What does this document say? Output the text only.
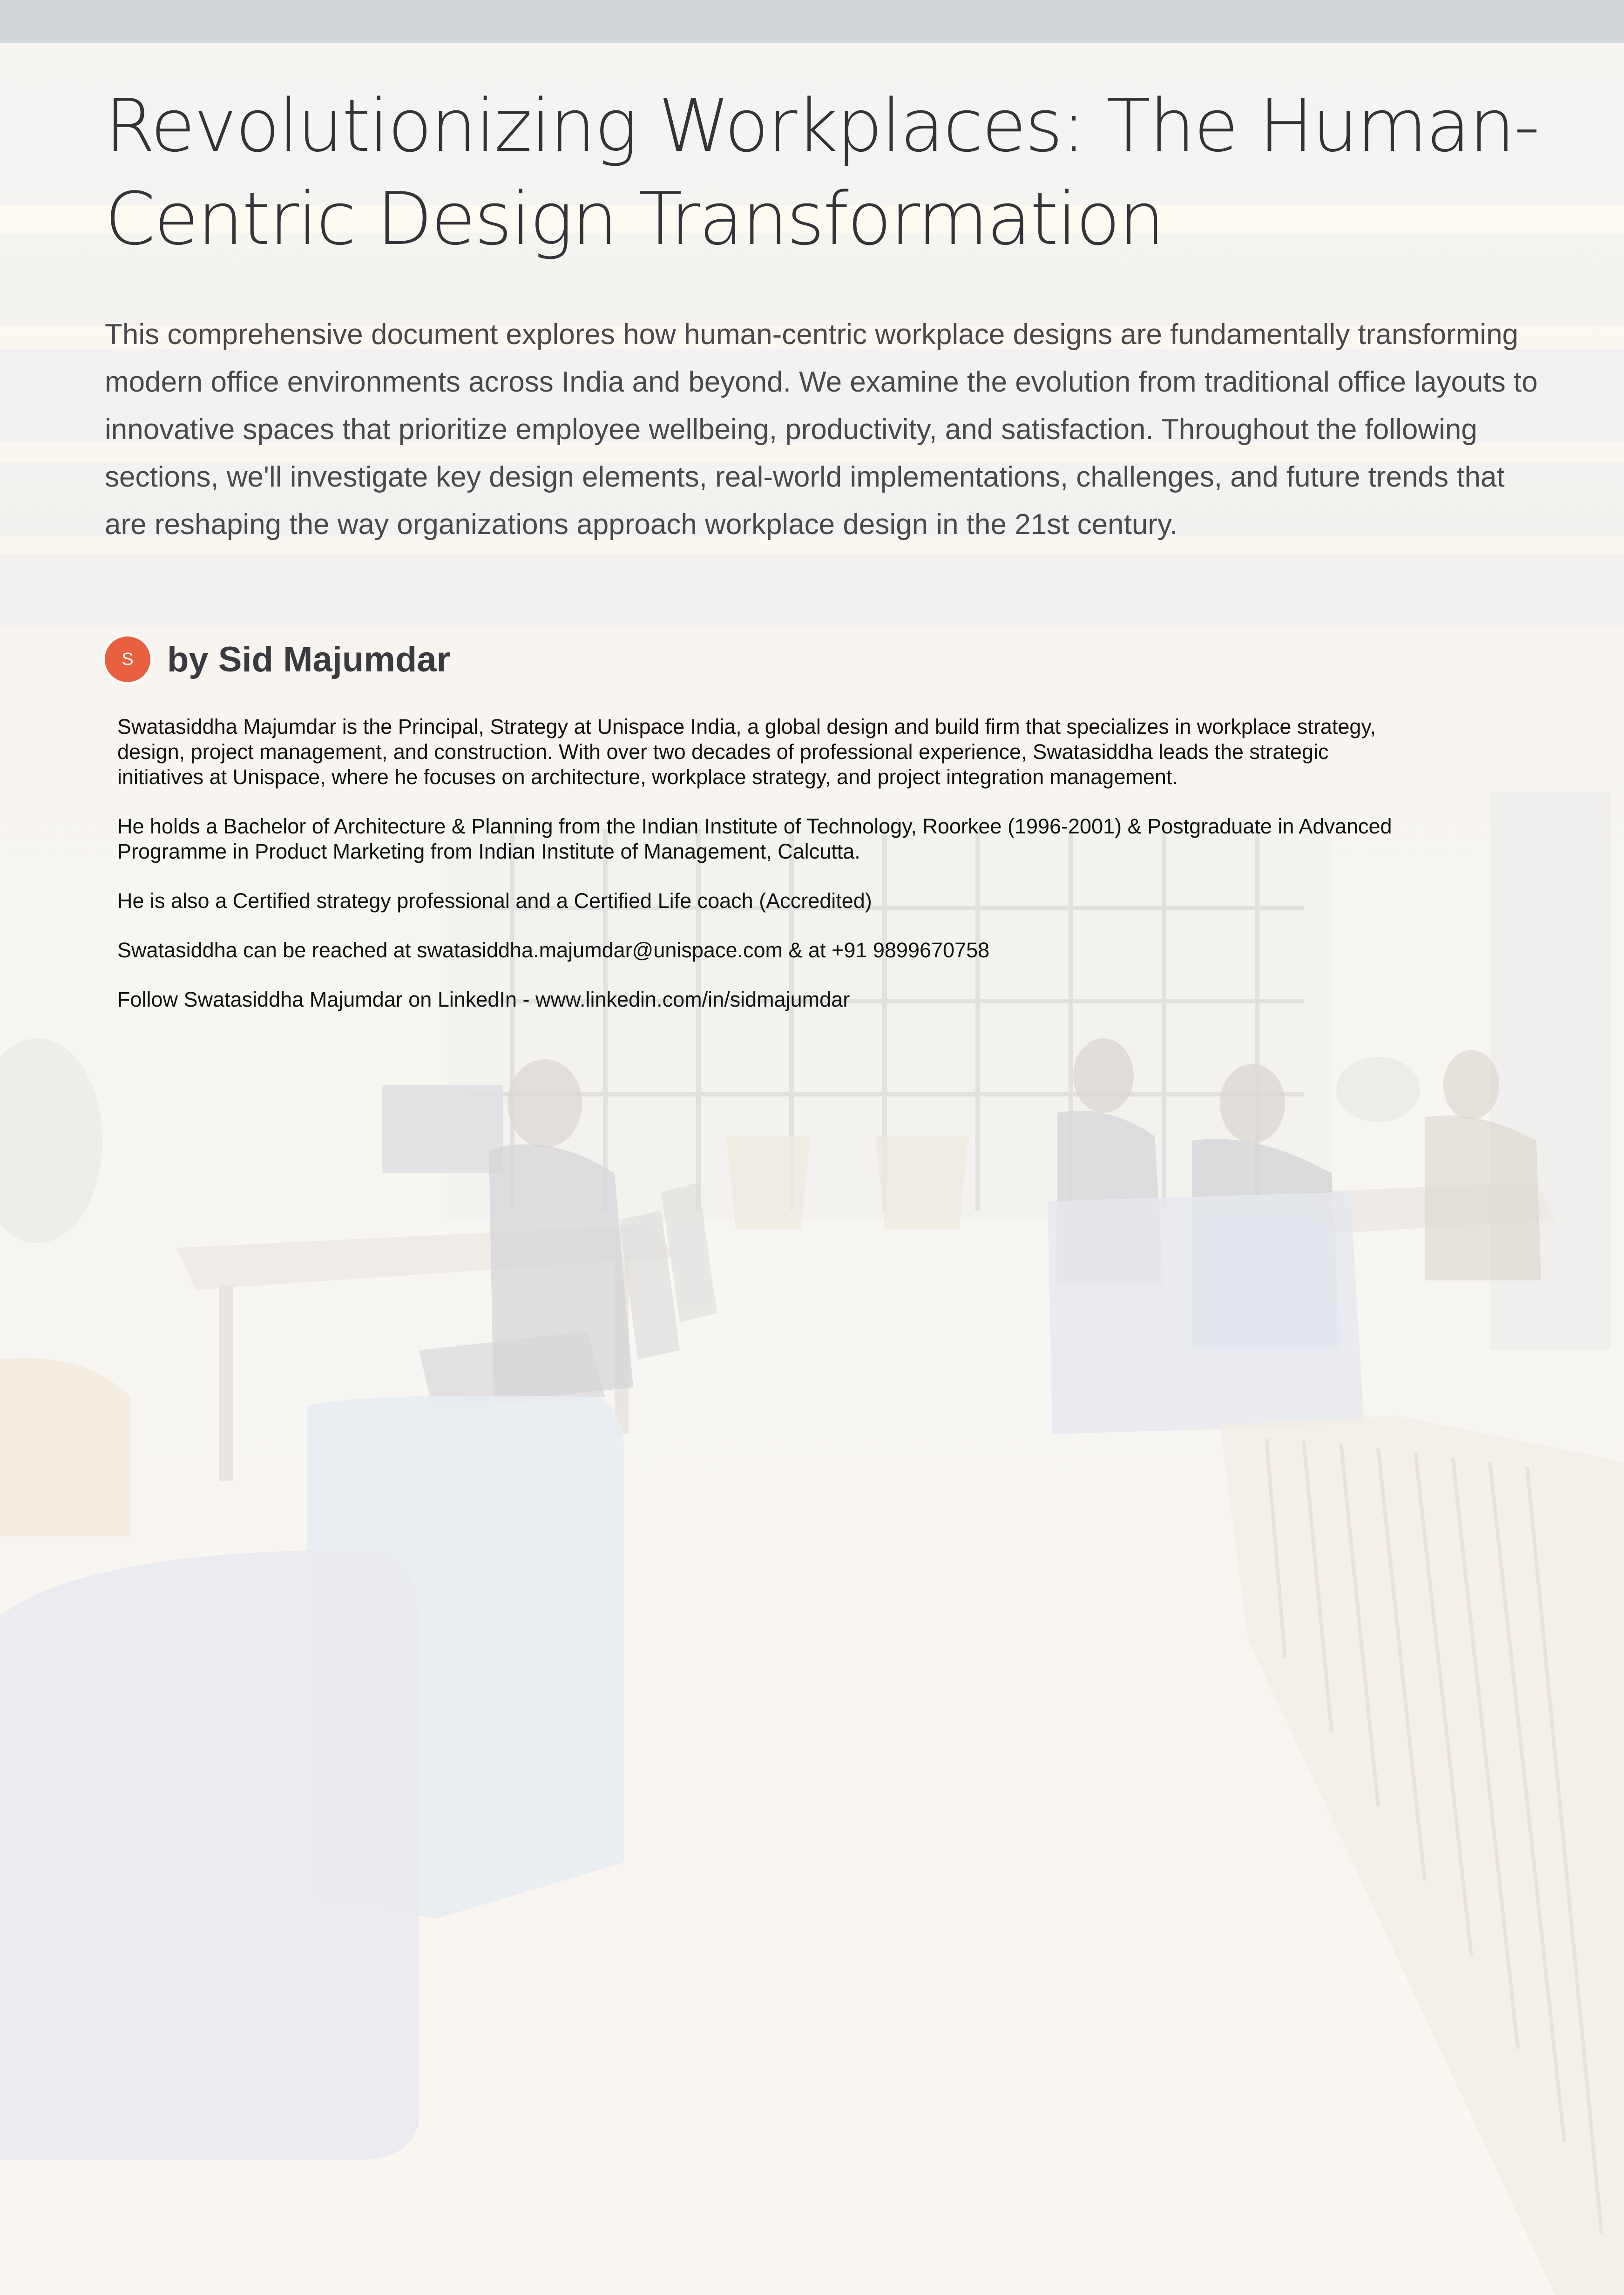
Revolutionizing Workplaces: The Human-Centric Design Transformation

This comprehensive document explores how human-centric workplace designs are fundamentally transforming modern office environments across India and beyond. We examine the evolution from traditional office layouts to innovative spaces that prioritize employee wellbeing, productivity, and satisfaction. Throughout the following sections, we'll investigate key design elements, real-world implementations, challenges, and future trends that are reshaping the way organizations approach workplace design in the 21st century.

S by Sid Majumdar

Swatasiddha Majumdar is the Principal, Strategy at Unispace India, a global design and build firm that specializes in workplace strategy, design, project management, and construction. With over two decades of professional experience, Swatasiddha leads the strategic initiatives at Unispace, where he focuses on architecture, workplace strategy, and project integration management.

He holds a Bachelor of Architecture & Planning from the Indian Institute of Technology, Roorkee (1996-2001) & Postgraduate in Advanced Programme in Product Marketing from Indian Institute of Management, Calcutta.

He is also a Certified strategy professional and a Certified Life coach (Accredited)

Swatasiddha can be reached at swatasiddha.majumdar@unispace.com & at +91 9899670758

Follow Swatasiddha Majumdar on LinkedIn - www.linkedin.com/in/sidmajumdar
